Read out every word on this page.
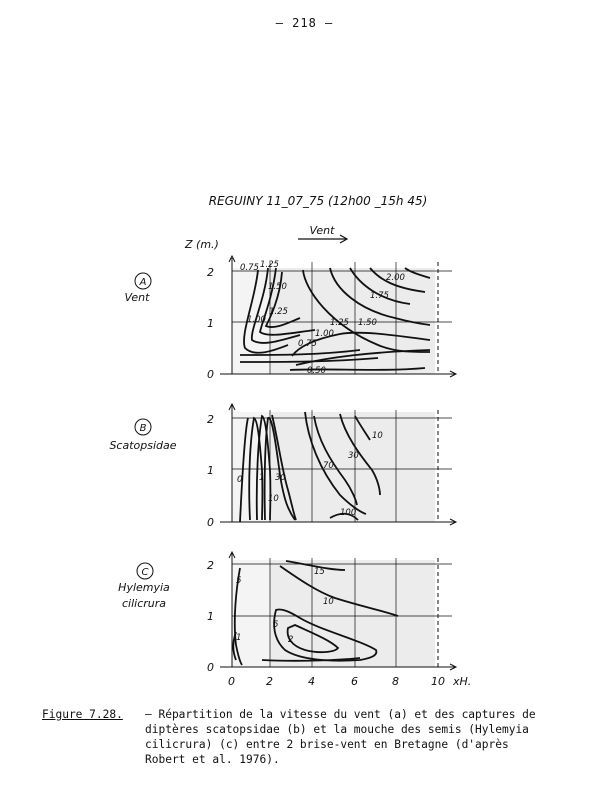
– 218 –
REGUINY 11_07_75 (12h00 _15h 45)
Vent
Z (m.)
0
1
2	0.75 1.25
1.50
1.00
1.25
1.00
0.75
0.50
1.25 1.50
1.75
2.00
A
Vent
0
1
2
0 1 30
10
70
30
10
100
B
Scatopsidae
0
1
2
5
1
5
2
10
15
C
Hylemyia
cilicrura
0	2	4	6	8	10 xH.
Figure 7.28. – Répartition de la vitesse du vent (a) et des captures de
diptères scatopsidae (b) et la mouche des semis (Hylemyia
cilicrura) (c) entre 2 brise-vent en Bretagne (d'après
Robert et al. 1976).
